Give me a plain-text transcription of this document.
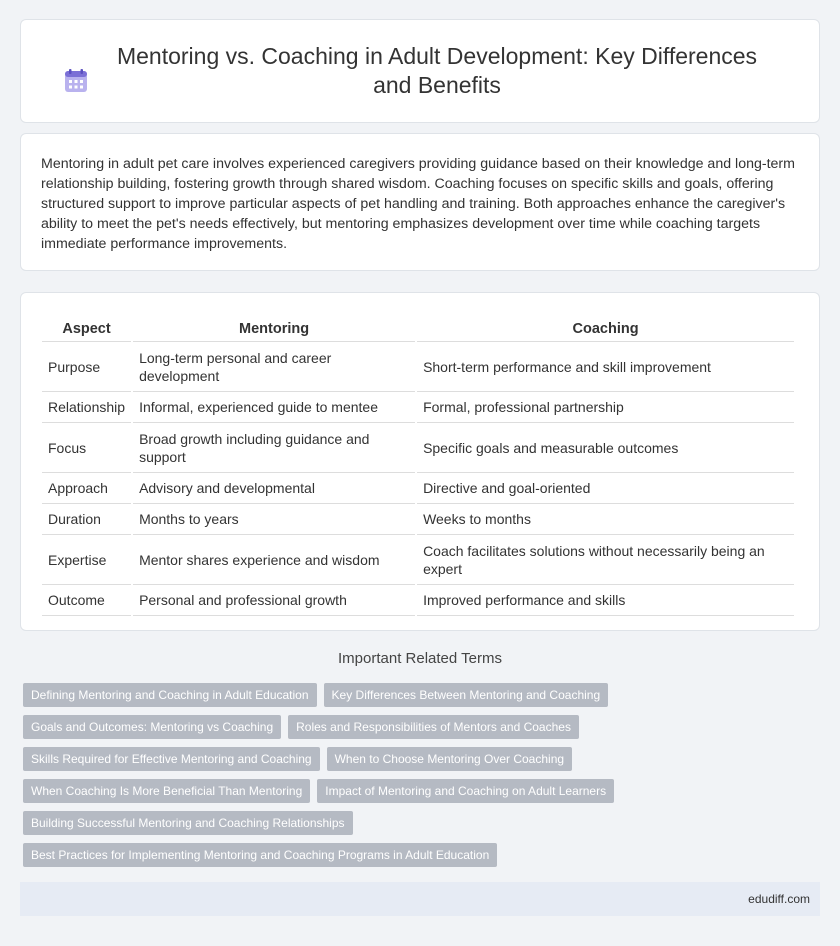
Mentoring vs. Coaching in Adult Development: Key Differences and Benefits

Mentoring in adult pet care involves experienced caregivers providing guidance based on their knowledge and long-term relationship building, fostering growth through shared wisdom. Coaching focuses on specific skills and goals, offering structured support to improve particular aspects of pet handling and training. Both approaches enhance the caregiver's ability to meet the pet's needs effectively, but mentoring emphasizes development over time while coaching targets immediate performance improvements.

Aspect	Mentoring	Coaching
Purpose	Long-term personal and career development	Short-term performance and skill improvement
Relationship	Informal, experienced guide to mentee	Formal, professional partnership
Focus	Broad growth including guidance and support	Specific goals and measurable outcomes
Approach	Advisory and developmental	Directive and goal-oriented
Duration	Months to years	Weeks to months
Expertise	Mentor shares experience and wisdom	Coach facilitates solutions without necessarily being an expert
Outcome	Personal and professional growth	Improved performance and skills
Important Related Terms
Defining Mentoring and Coaching in Adult Education	Key Differences Between Mentoring and Coaching
Goals and Outcomes: Mentoring vs Coaching	Roles and Responsibilities of Mentors and Coaches
Skills Required for Effective Mentoring and Coaching	When to Choose Mentoring Over Coaching
When Coaching Is More Beneficial Than Mentoring	Impact of Mentoring and Coaching on Adult Learners
Building Successful Mentoring and Coaching Relationships
Best Practices for Implementing Mentoring and Coaching Programs in Adult Education
edudiff.com
